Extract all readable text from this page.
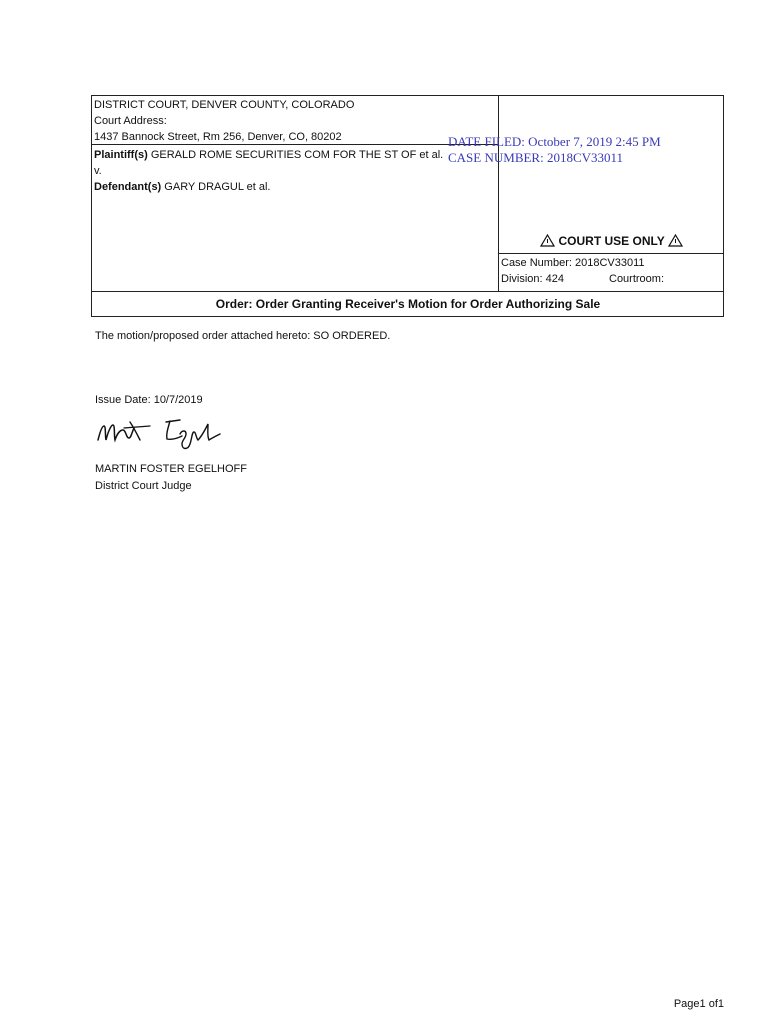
DISTRICT COURT, DENVER COUNTY, COLORADO
Court Address:
1437 Bannock Street, Rm 256, Denver, CO, 80202
Plaintiff(s) GERALD ROME SECURITIES COM FOR THE ST OF et al.
v.
Defendant(s) GARY DRAGUL et al.
COURT USE ONLY
Case Number: 2018CV33011
Division: 424	Courtroom:
Order: Order Granting Receiver's Motion for Order Authorizing Sale
DATE FILED: October 7, 2019 2:45 PM
CASE NUMBER: 2018CV33011
The motion/proposed order attached hereto: SO ORDERED.
Issue Date: 10/7/2019
MARTIN FOSTER EGELHOFF
District Court Judge
Page1 of1
